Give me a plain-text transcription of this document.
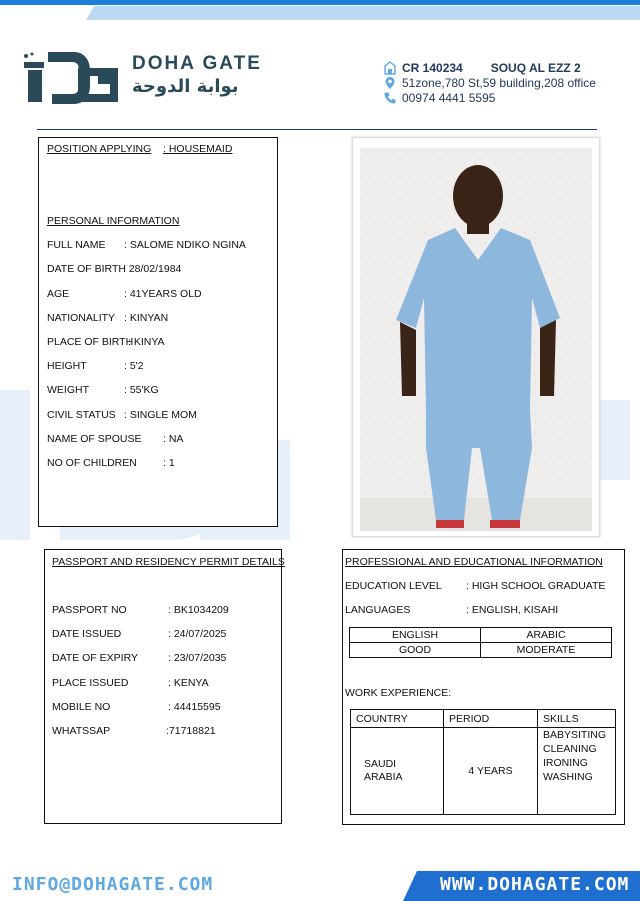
DOHA GATE
بوابة الدوحة
CR 140234 SOUQ AL EZZ 2
51zone,780 St,59 building,208 office
00974 4441 5595
POSITION APPLYING : HOUSEMAID
PERSONAL INFORMATION
FULL NAME : SALOME NDIKO NGINA
DATE OF BIRTH
: 28/02/1984
AGE	: 41YEARS OLD
NATIONALITY : KINYAN
PLACE OF BIRTH
: KINYA
HEIGHT	: 5'2
WEIGHT	: 55'KG
CIVIL STATUS : SINGLE MOM
NAME OF SPOUSE : NA
NO OF CHILDREN : 1
PASSPORT AND RESIDENCY PERMIT DETAILS
PASSPORT NO	: BK1034209
DATE ISSUED	: 24/07/2025
DATE OF EXPIRY	: 23/07/2035
PLACE ISSUED	: KENYA
MOBILE NO	: 44415595
WHATSSAP	:71718821
PROFESSIONAL AND EDUCATIONAL INFORMATION
EDUCATION LEVEL : HIGH SCHOOL GRADUATE
LANGUAGES	: ENGLISH, KISAHI
ENGLISH	ARABIC
GOOD	MODERATE
WORK EXPERIENCE:
COUNTRY	PERIOD	SKILLS

SAUDI ARABIA	4 YEARS	BABYSITING
CLEANING
IRONING
WASHING
INFO@DOHAGATE.COM	WWW.DOHAGATE.COM
